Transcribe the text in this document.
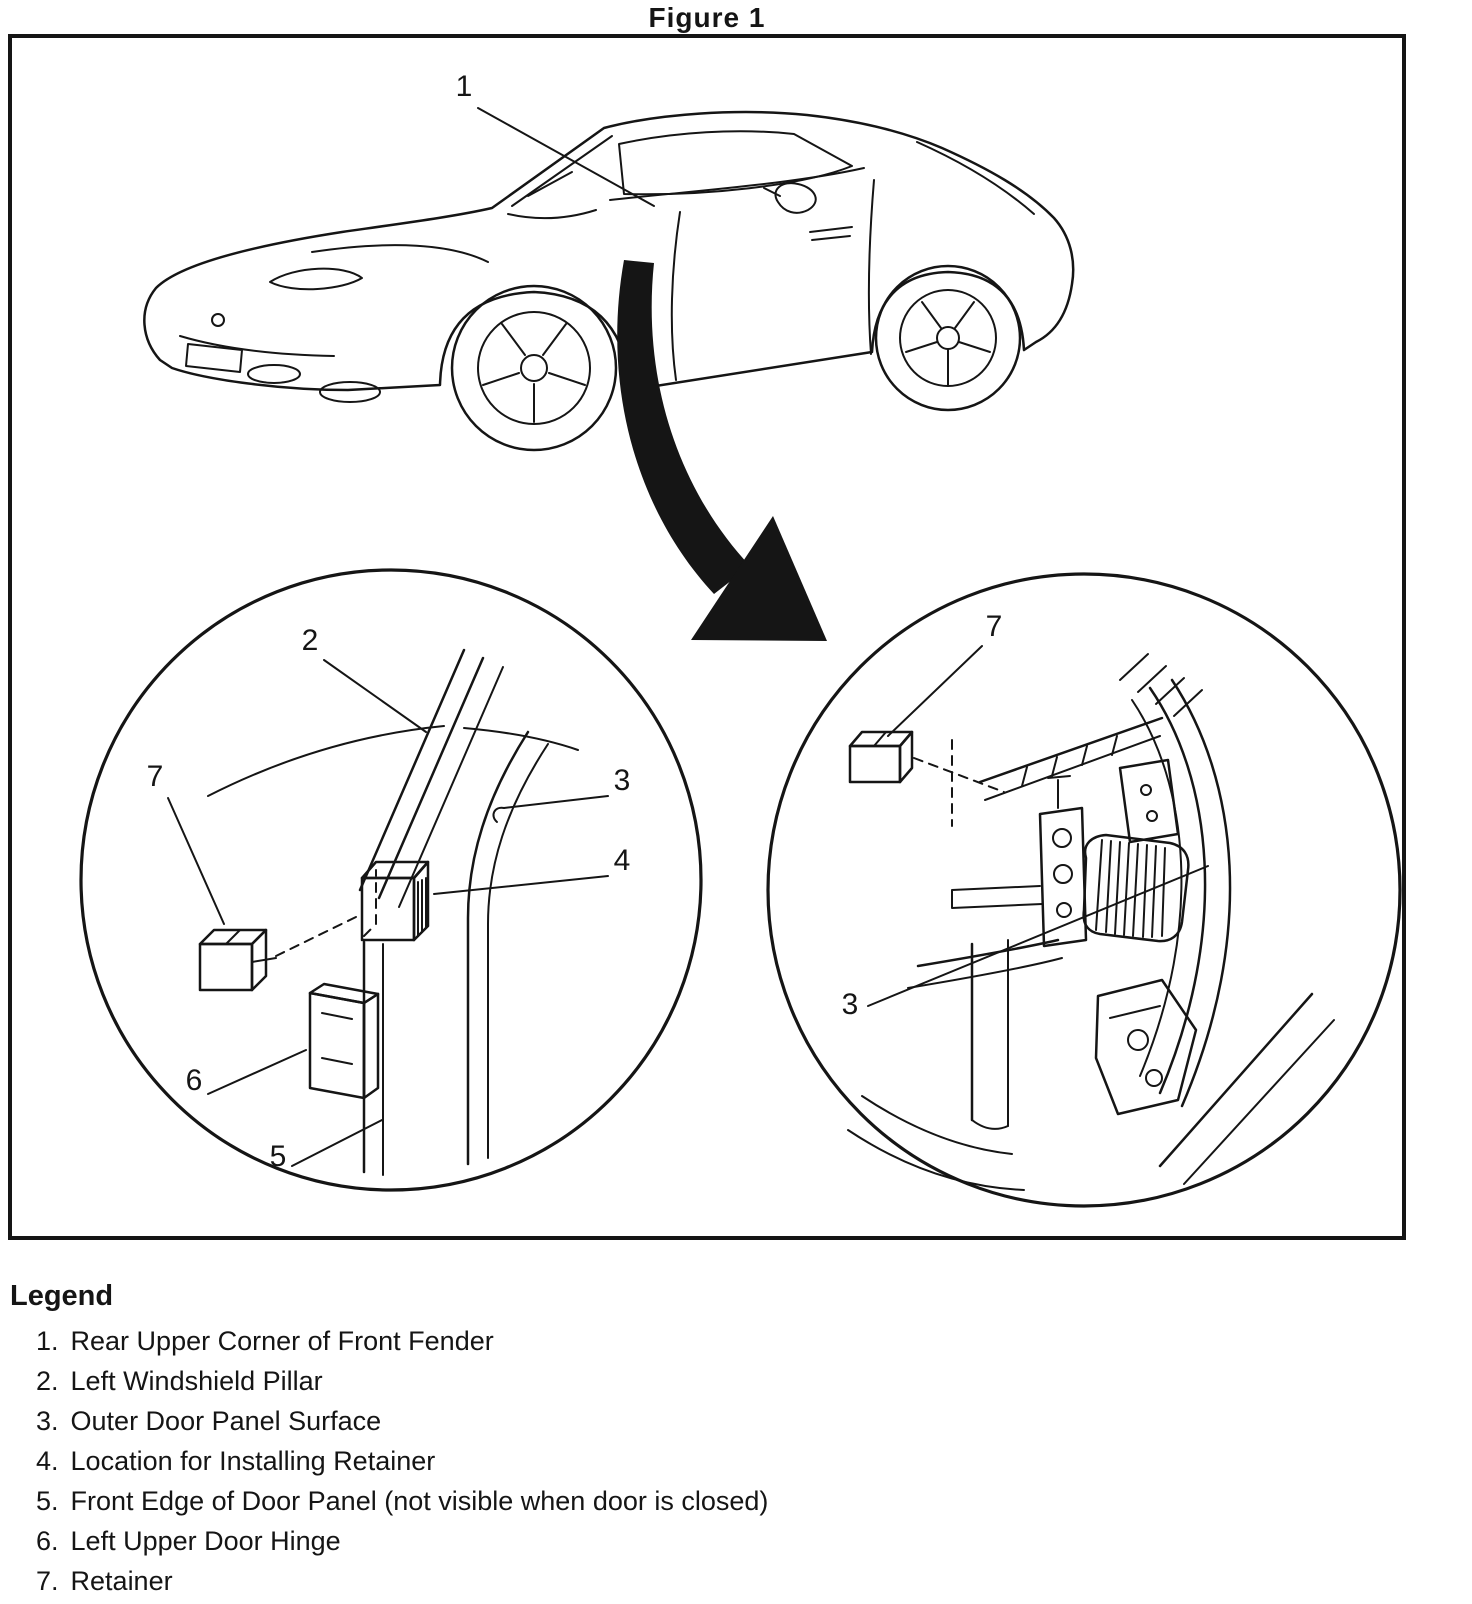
Figure 1
1
2
7	3
4
6
5
7
3
Legend
1. Rear Upper Corner of Front Fender
2. Left Windshield Pillar
3. Outer Door Panel Surface
4. Location for Installing Retainer
5. Front Edge of Door Panel (not visible when door is closed)
6. Left Upper Door Hinge
7. Retainer
